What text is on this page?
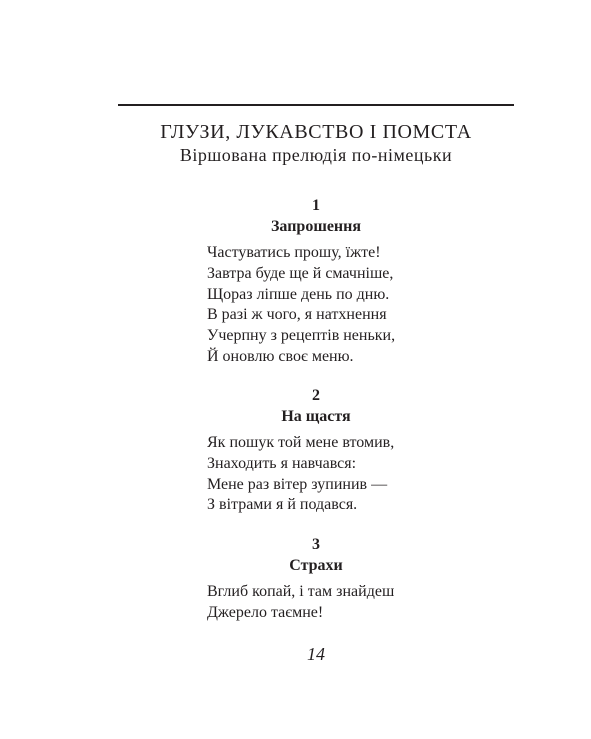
ГЛУЗИ, ЛУКАВСТВО І ПОМСТА
Віршована прелюдія по-німецьки
1
Запрошення
Частуватись прошу, їжте!
Завтра буде ще й смачніше,
Щораз ліпше день по дню.
В разі ж чого, я натхнення
Учерпну з рецептів неньки,
Й оновлю своє меню.
2
На щастя
Як пошук той мене втомив,
Знаходить я навчався:
Мене раз вітер зупинив —
З вітрами я й подався.
3
Страхи
Вглиб копай, і там знайдеш
Джерело таємне!
14
